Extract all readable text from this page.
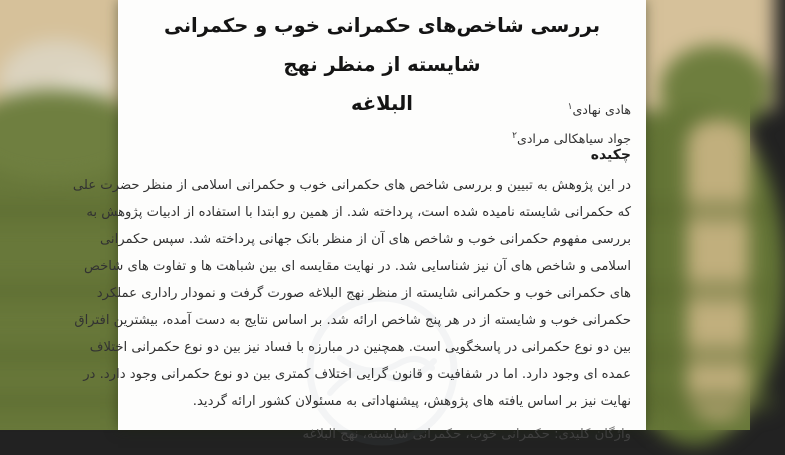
بررسی شاخص‌های حکمرانی خوب و حکمرانی شایسته از منظر نهج
البلاغه	هادی نهادی$^۱$
جواد سیاهکالی مرادی$^۲$
چکیده
در این پژوهش به تبیین و بررسی شاخص های حکمرانی خوب و حکمرانی اسلامی از منظر حضرت علی
که حکمرانی شایسته نامیده شده است، پرداخته شد. از همین رو ابتدا با استفاده از ادبیات پژوهش به
بررسی مفهوم حکمرانی خوب و شاخص های آن از منظر بانک جهانی پرداخته شد. سپس حکمرانی
اسلامی و شاخص های آن نیز شناسایی شد. در نهایت مقایسه ای بین شباهت ها و تفاوت های شاخص
های حکمرانی خوب و حکمرانی شایسته از منظر نهج البلاغه صورت گرفت و نمودار راداری عملکرد
حکمرانی خوب و شایسته از در هر پنج شاخص ارائه شد. بر اساس نتایج به دست آمده، بیشترین افتراق
بین دو نوع حکمرانی در پاسخگویی است. همچنین در مبارزه با فساد نیز بین دو نوع حکمرانی اختلاف
عمده ای وجود دارد. اما در شفافیت و قانون گرایی اختلاف کمتری بین دو نوع حکمرانی وجود دارد. در
نهایت نیز بر اساس یافته های پژوهش، پیشنهاداتی به مسئولان کشور ارائه گردید.
واژگان کلیدی: حکمرانی خوب، حکمرانی شایسته، نهج البلاغه
